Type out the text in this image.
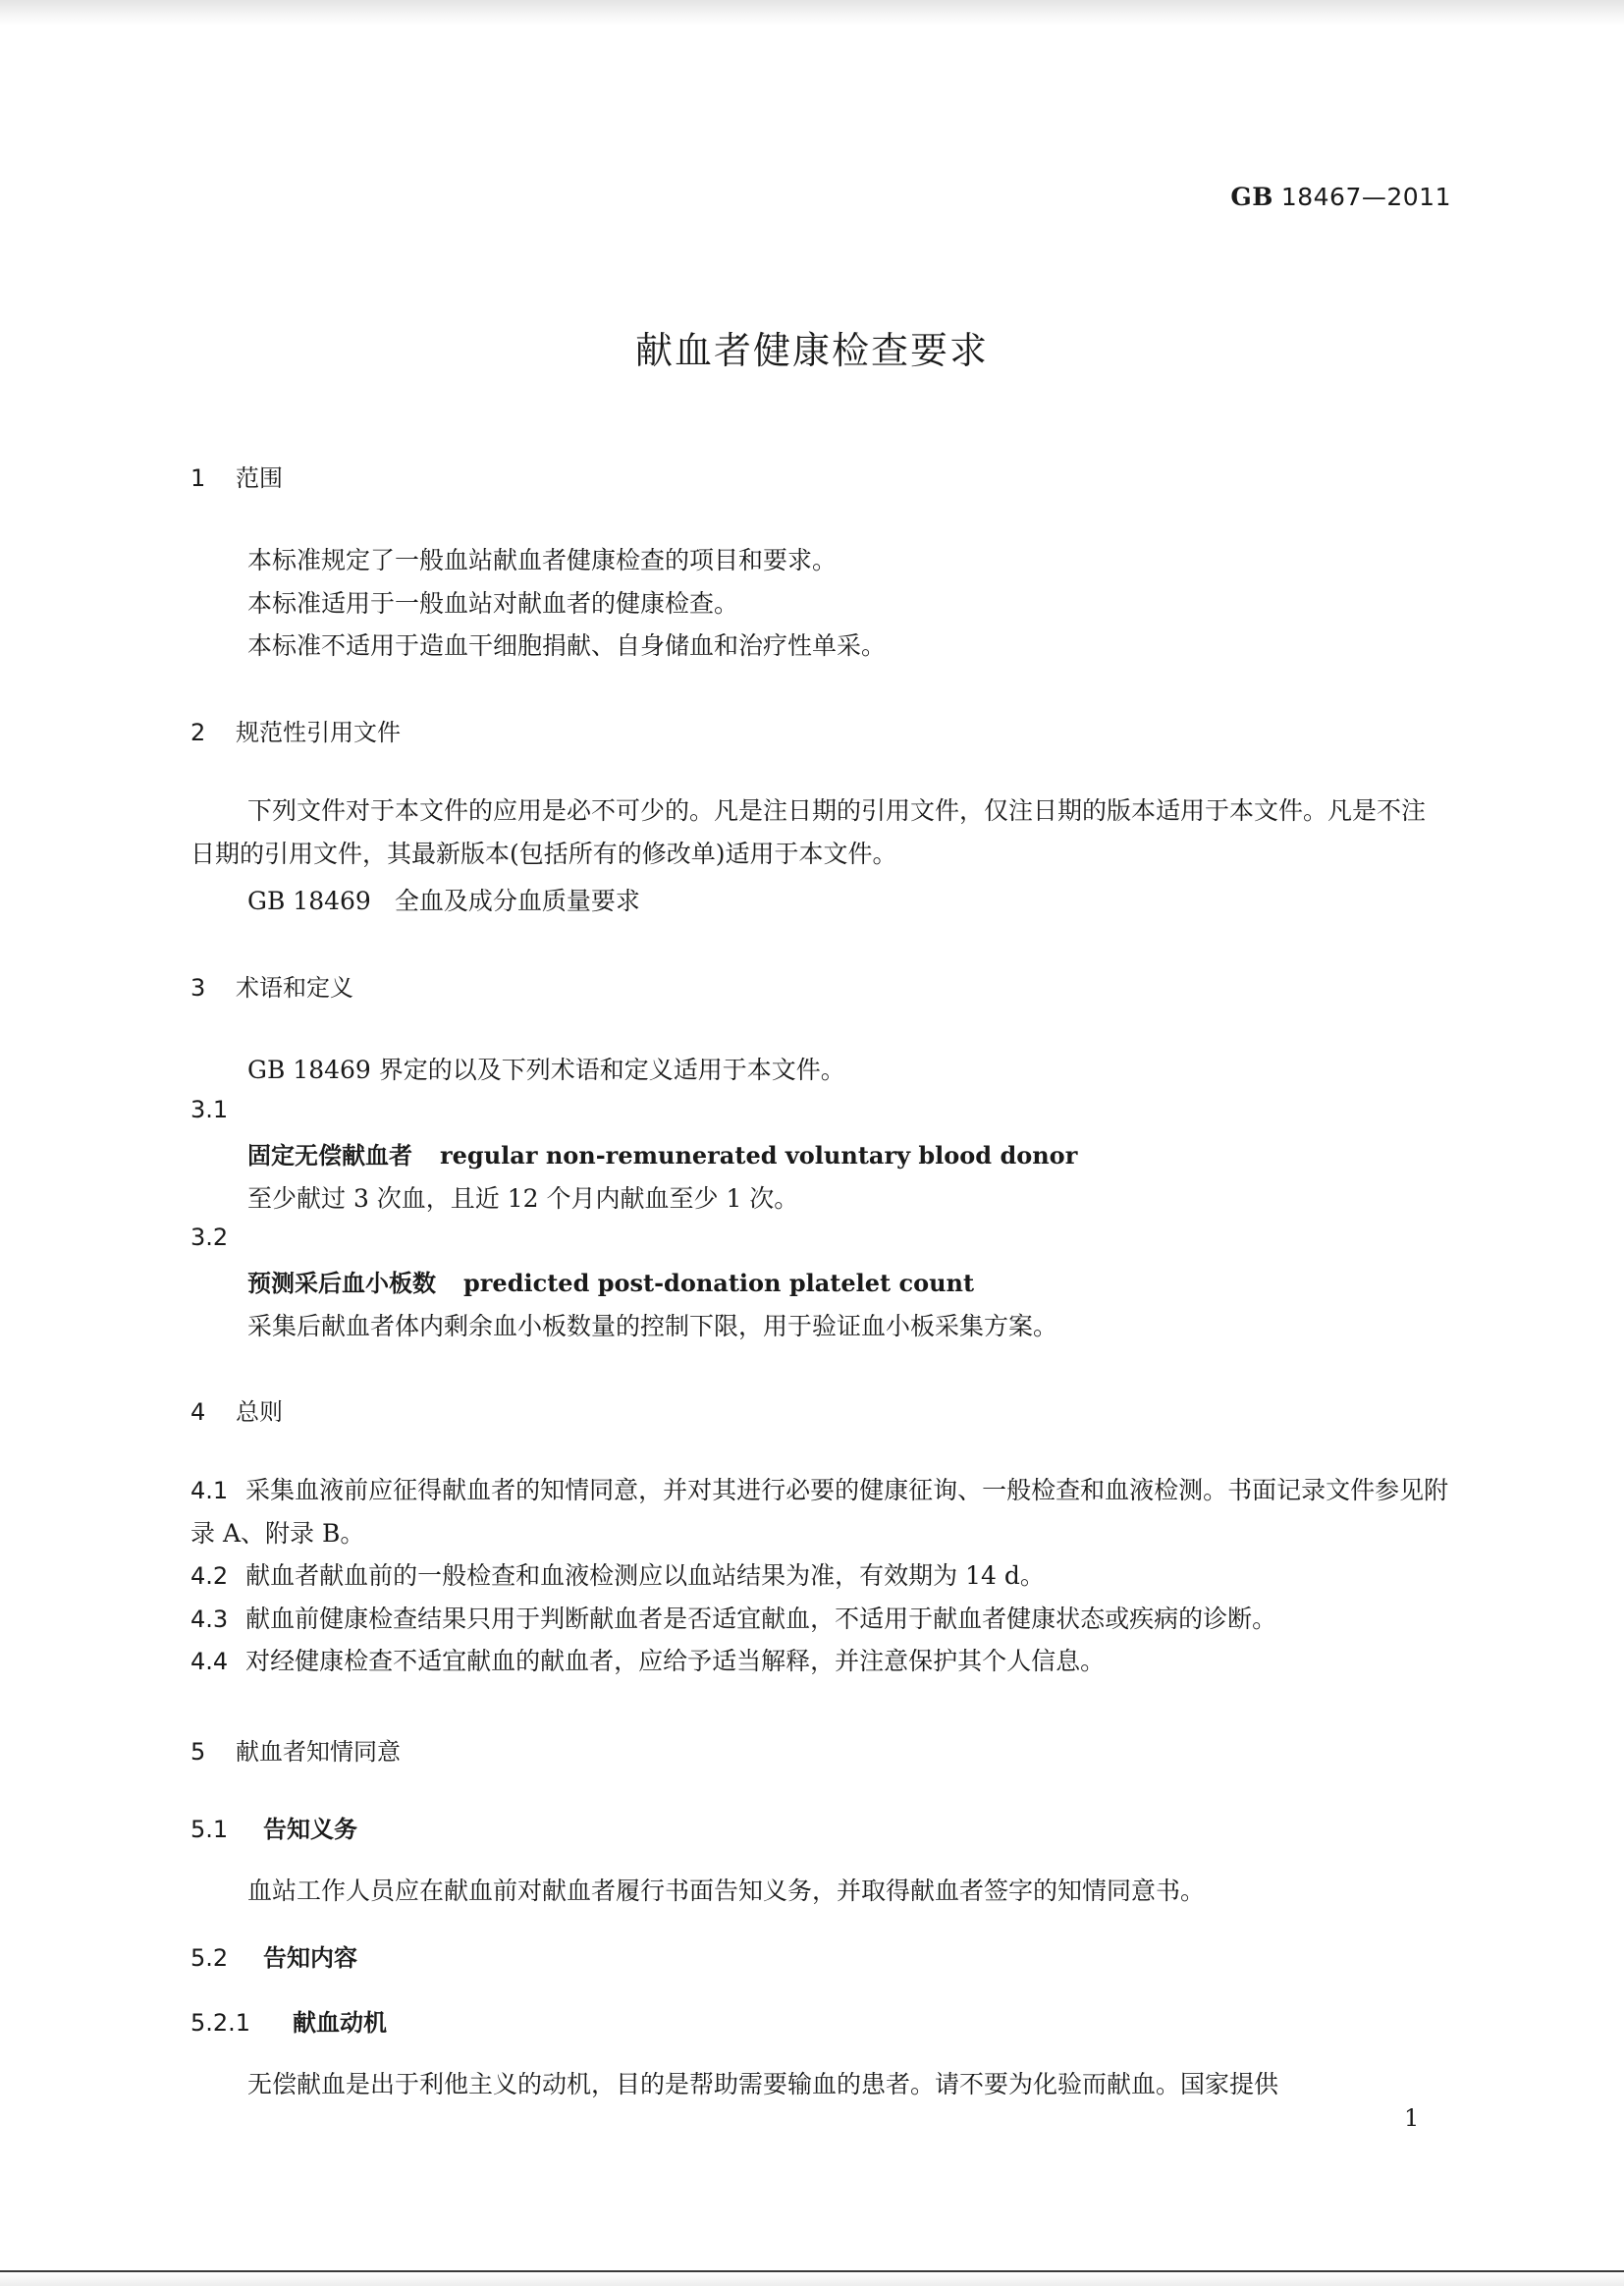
GB 18467—2011
献血者健康检查要求
1 范围
本标准规定了一般血站献血者健康检查的项目和要求。
本标准适用于一般血站对献血者的健康检查。
本标准不适用于造血干细胞捐献、自身储血和治疗性单采。
2 规范性引用文件
下列文件对于本文件的应用是必不可少的。凡是注日期的引用文件，仅注日期的版本适用于本文件。凡是不注日期的引用文件，其最新版本(包括所有的修改单)适用于本文件。
GB 18469 全血及成分血质量要求
3 术语和定义
GB 18469 界定的以及下列术语和定义适用于本文件。
3.1
固定无偿献血者 regular non-remunerated voluntary blood donor
至少献过 3 次血，且近 12 个月内献血至少 1 次。
3.2
预测采后血小板数 predicted post-donation platelet count
采集后献血者体内剩余血小板数量的控制下限，用于验证血小板采集方案。
4 总则
4.1 采集血液前应征得献血者的知情同意，并对其进行必要的健康征询、一般检查和血液检测。书面记录文件参见附录 A、附录 B。
4.2 献血者献血前的一般检查和血液检测应以血站结果为准，有效期为 14 d。
4.3 献血前健康检查结果只用于判断献血者是否适宜献血，不适用于献血者健康状态或疾病的诊断。
4.4 对经健康检查不适宜献血的献血者，应给予适当解释，并注意保护其个人信息。
5 献血者知情同意
5.1 告知义务
血站工作人员应在献血前对献血者履行书面告知义务，并取得献血者签字的知情同意书。
5.2 告知内容
5.2.1 献血动机
无偿献血是出于利他主义的动机，目的是帮助需要输血的患者。请不要为化验而献血。国家提供
1
